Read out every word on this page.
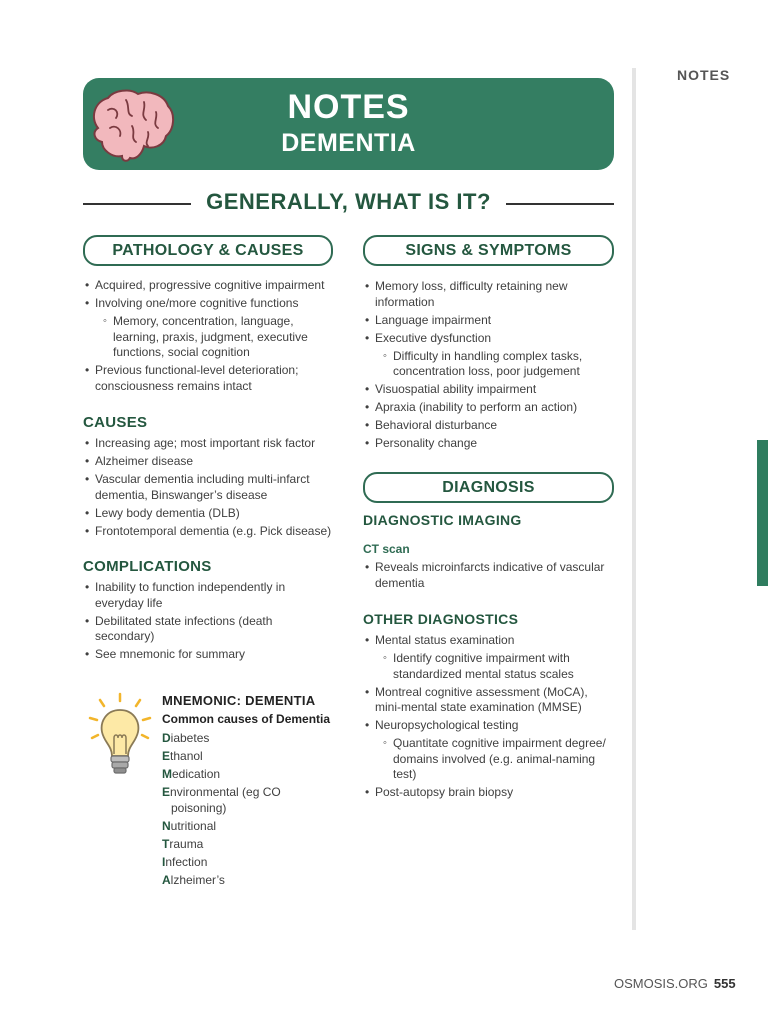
NOTES
NOTES
DEMENTIA
GENERALLY, WHAT IS IT?
PATHOLOGY & CAUSES
• Acquired, progressive cognitive impairment
• Involving one/more cognitive functions
◦ Memory, concentration, language, learning, praxis, judgment, executive functions, social cognition
• Previous functional-level deterioration; consciousness remains intact
CAUSES
• Increasing age; most important risk factor
• Alzheimer disease
• Vascular dementia including multi-infarct dementia, Binswanger’s disease
• Lewy body dementia (DLB)
• Frontotemporal dementia (e.g. Pick disease)
COMPLICATIONS
• Inability to function independently in everyday life
• Debilitated state infections (death secondary)
• See mnemonic for summary
MNEMONIC: DEMENTIA
Common causes of Dementia
Diabetes
Ethanol
Medication
Environmental (eg CO
poisoning)
Nutritional
Trauma
Infection
Alzheimer’s
SIGNS & SYMPTOMS
• Memory loss, difficulty retaining new information
• Language impairment
• Executive dysfunction
◦ Difficulty in handling complex tasks, concentration loss, poor judgement
• Visuospatial ability impairment
• Apraxia (inability to perform an action)
• Behavioral disturbance
• Personality change
DIAGNOSIS
DIAGNOSTIC IMAGING
CT scan
• Reveals microinfarcts indicative of vascular dementia
OTHER DIAGNOSTICS
• Mental status examination
◦ Identify cognitive impairment with standardized mental status scales
• Montreal cognitive assessment (MoCA), mini-mental state examination (MMSE)
• Neuropsychological testing
◦ Quantitate cognitive impairment degree/ domains involved (e.g. animal-naming test)
• Post-autopsy brain biopsy
OSMOSIS.ORG 555
